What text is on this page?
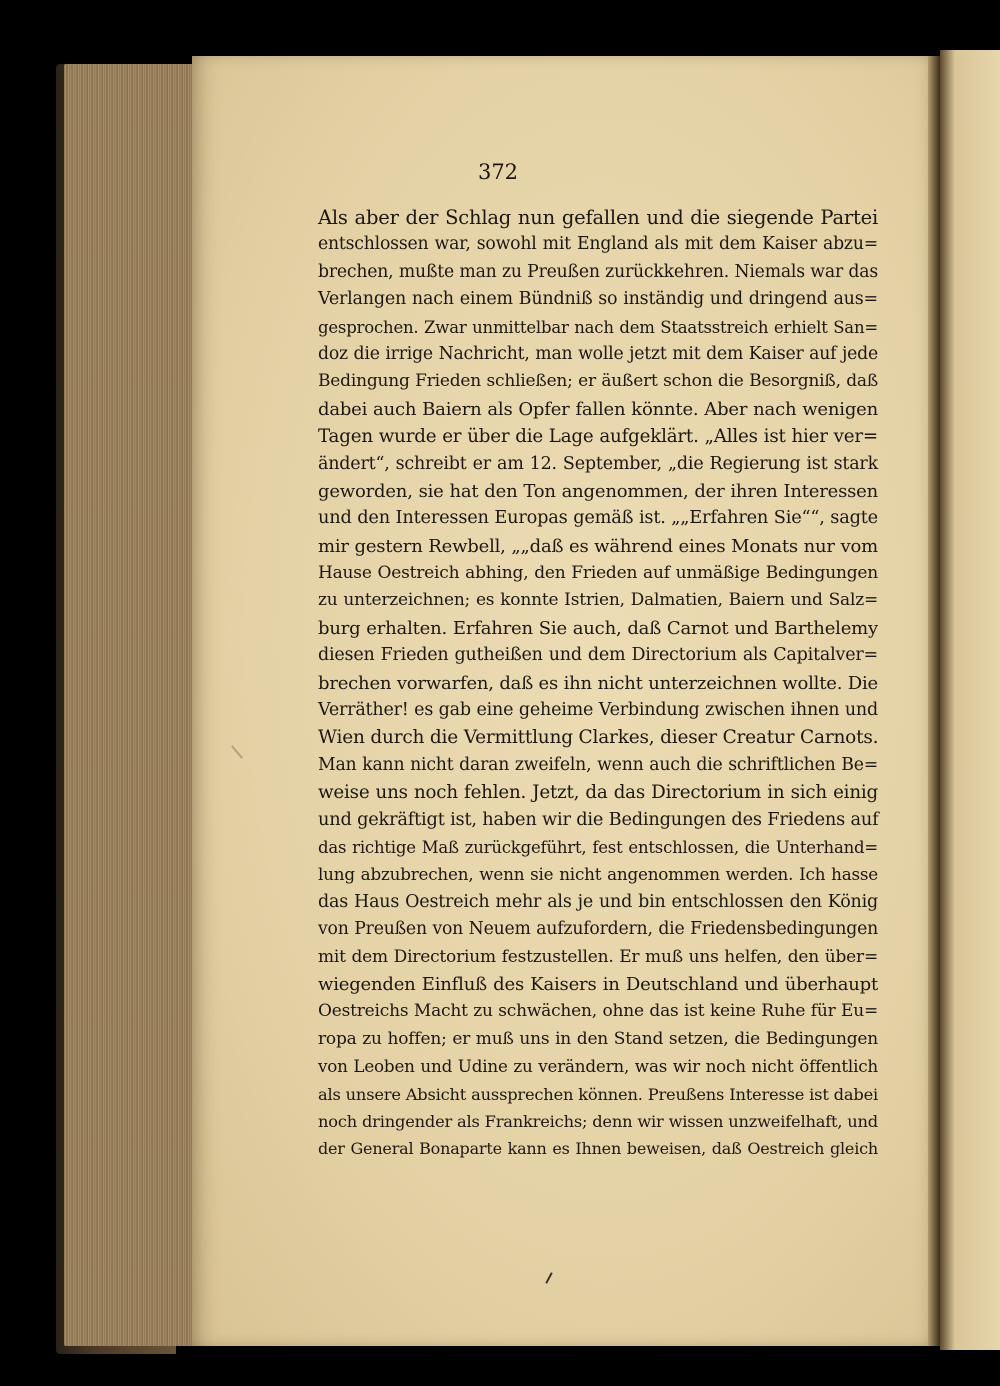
372
Als aber der Schlag nun gefallen und die siegende Partei
entschlossen war, sowohl mit England als mit dem Kaiser abzu=
brechen, mußte man zu Preußen zurückkehren. Niemals war das
Verlangen nach einem Bündniß so inständig und dringend aus=
gesprochen. Zwar unmittelbar nach dem Staatsstreich erhielt San=
doz die irrige Nachricht, man wolle jetzt mit dem Kaiser auf jede
Bedingung Frieden schließen; er äußert schon die Besorgniß, daß
dabei auch Baiern als Opfer fallen könnte. Aber nach wenigen
Tagen wurde er über die Lage aufgeklärt. „Alles ist hier ver=
ändert“, schreibt er am 12. September, „die Regierung ist stark
geworden, sie hat den Ton angenommen, der ihren Interessen
und den Interessen Europas gemäß ist. „„Erfahren Sie““, sagte
mir gestern Rewbell, „„daß es während eines Monats nur vom
Hause Oestreich abhing, den Frieden auf unmäßige Bedingungen
zu unterzeichnen; es konnte Istrien, Dalmatien, Baiern und Salz=
burg erhalten. Erfahren Sie auch, daß Carnot und Barthelemy
diesen Frieden gutheißen und dem Directorium als Capitalver=
brechen vorwarfen, daß es ihn nicht unterzeichnen wollte. Die
Verräther! es gab eine geheime Verbindung zwischen ihnen und
Wien durch die Vermittlung Clarkes, dieser Creatur Carnots.
Man kann nicht daran zweifeln, wenn auch die schriftlichen Be=
weise uns noch fehlen. Jetzt, da das Directorium in sich einig
und gekräftigt ist, haben wir die Bedingungen des Friedens auf
das richtige Maß zurückgeführt, fest entschlossen, die Unterhand=
lung abzubrechen, wenn sie nicht angenommen werden. Ich hasse
das Haus Oestreich mehr als je und bin entschlossen den König
von Preußen von Neuem aufzufordern, die Friedensbedingungen
mit dem Directorium festzustellen. Er muß uns helfen, den über=
wiegenden Einfluß des Kaisers in Deutschland und überhaupt
Oestreichs Macht zu schwächen, ohne das ist keine Ruhe für Eu=
ropa zu hoffen; er muß uns in den Stand setzen, die Bedingungen
von Leoben und Udine zu verändern, was wir noch nicht öffentlich
als unsere Absicht aussprechen können. Preußens Interesse ist dabei
noch dringender als Frankreichs; denn wir wissen unzweifelhaft, und
der General Bonaparte kann es Ihnen beweisen, daß Oestreich gleich
